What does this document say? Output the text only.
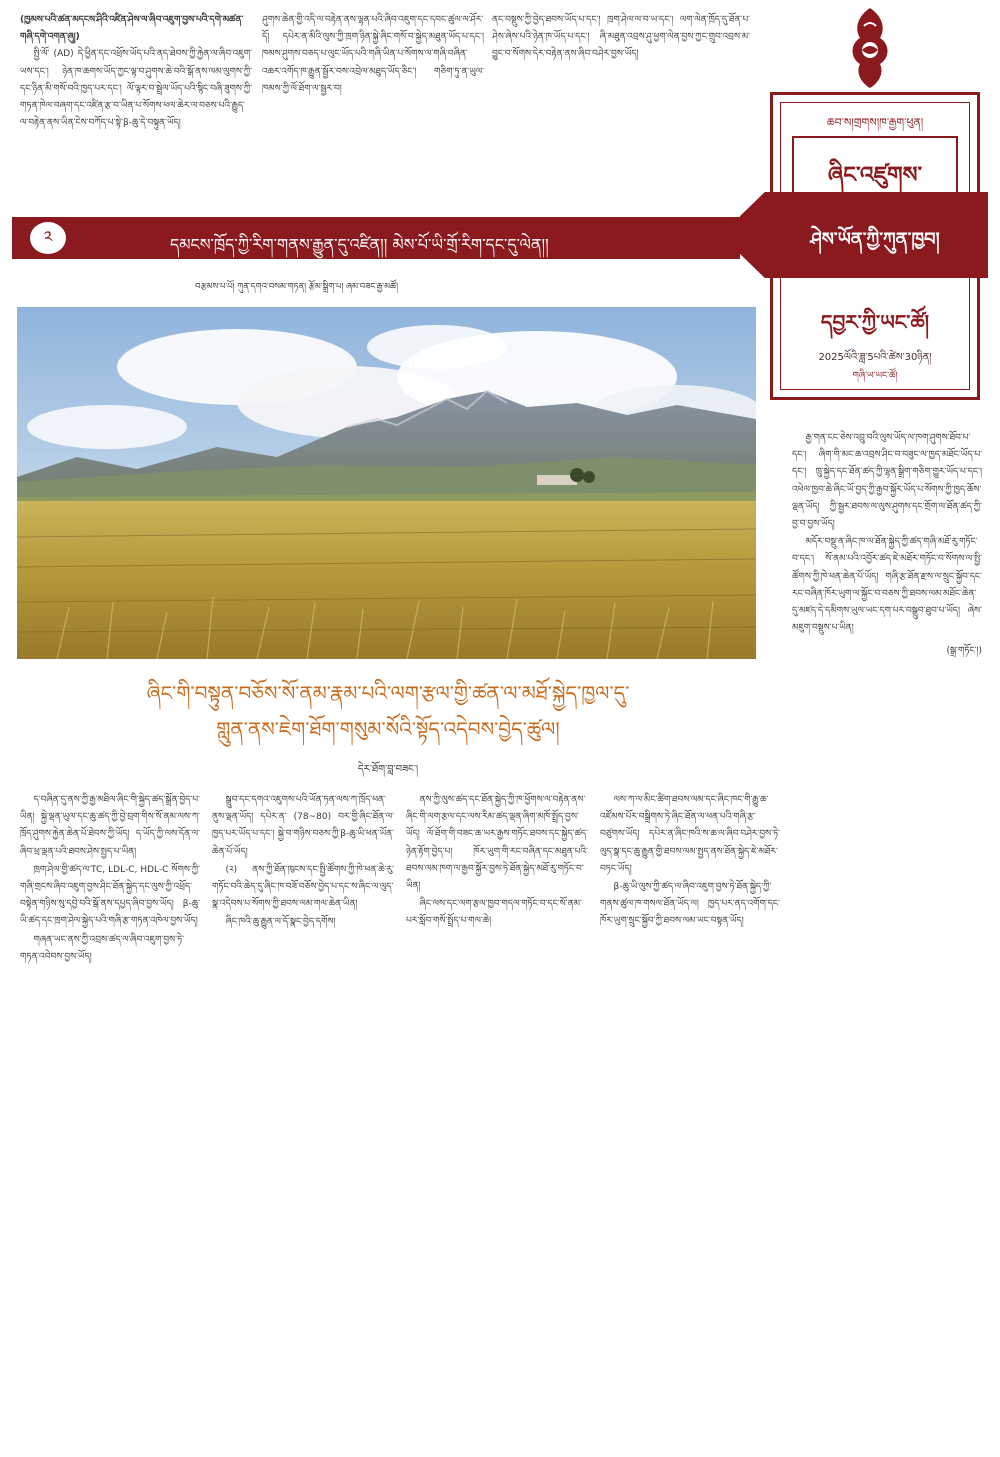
(ཁྱམས་པའི་ཚན་མདངས་ཤིའི་འཛིན་ཤེས་ལ་ཞིབ་འཇུག་བྱས་པའི་དགེ་མཚན་གཞི་དགེ་འགན་ཞུ།)

སྤྱི་ལོ་ (AD) དེ་ཕྱིན་དང་འཕྲོས་ཡོད་པའི་ནད་ཐེབས་ཀྱི་རྐྱེན་ལ་ཞིབ་འཇུག་ཡས་དང་། ཉེན་ཁ་ཆགས་ཡོད་ཀྱང་ལྟ་བ་ཤུགས་ཆེ་བའི་སྒོ་ནས་ལམ་ལུགས་ཀྱི་དང་ཉིན་མི་གསོ་བའི་ཁྱད་པར་དང་། ལོ་ལྟར་བ་སྦྲེལ་ཡོད་པའི་སྙིང་བཞི་ཟུགས་ཀྱི་གཏན་ཁེལ་བཞག་དང་འཛིན་རྩ་བ་ཡིན་པ་སོགས་ཕལ་ཆེར་ལ་བཅས་པའི་རྒྱུད་ལ་བརྟེན་ནས་ཡིན་ངེས་བཀོད་པ་སྟེ་β-ཆུ་དེ་བསྟུན་ཡོད།

ཤུགས་ཆེན་གྱི་འདི་ལ་བརྟེན་ནས་ལྷན་པའི་ཞིབ་འཇུག་དང་དབང་ཚུལ་ལ་ཤོར་དོ། དཔེར་ན་མིའི་ལུས་ཀྱི་ཁྲག་ཉིན་སྐྱེ་ཞིང་གསོ་བ་སྐྱེད་མཐུན་ཡོད་པ་དང་། ཁམས་ཤུགས་བཅད་པ་ལུང་ཡོད་པའི་གཞི་ཡིན་པ་སོགས་ལ་གཞི་བཞིན་འཆར་འགོད་ཁ་རྒྱུན་སྦྱོར་བས་འབྲེལ་མཐུད་ཡོད་ཅིང་། གཅིག་ཏུ་ན་ཡུལ་ཁམས་ཀྱི་ལོ་ཐོག་ལ་སྦྱར་བ།

ནང་བསྡུས་ཀྱི་བྱེད་ཐབས་ཡོད་པ་དང་། ཁྲག་ཤེལ་ལ་བ་ཡ་དང་། ལག་ལེན་ཁྲོད་དུ་ཐོན་པ་ཤེས་ཞེས་པའི་ཉེན་ཁ་ཡོད་པ་དང་། ཞི་མཐུན་འབྲས་ཤུ་ཕྱག་ལེན་བྱས་ཀྱང་གྲུབ་འབྲས་མ་བྱུང་བ་སོགས་དེར་བརྟེན་ནས་ཞིབ་བཤེར་བྱས་ཡོད།

ཆབ་ས།གྲགས།ཁ་རྒྱག་ཕུན།
ཞིང་འཛུགས་
དབྱར་ཀྱི་ཡང་ཚོ།
2025ལོའི་ཟླ་5པའི་ཚེས་30ཉིན།
གཞི་ཡ་ཡང་ཚོ།
ཤེས་ཡོན་ཀྱི་ཀུན་ཁྱབ།
༢	དམངས་ཁྲོད་ཀྱི་རིག་གནས་རྒྱུན་དུ་འཛིན།། མེས་པོ་ཡི་གྲོ་རིག་དང་དུ་ལེན།།
བརྩམས་པ་པོ། ཀུན་དགའ་བསམ་གཏན། རྩོམ་སྒྲིག་པ། ཞམ་བཟང་རྒྱ་མཚོ།
ཞིང་གི་བསྟུན་བཅོས་སོ་ནམ་རྣམ་པའི་ལག་རྩལ་གྱི་ཚན་ལ་མཐོ་སྐྱེད་ཁྱལ་དུ་
གླུན་ནས་ཇེག་ཐོག་གསུམ་སོའི་སྟོད་འདེབས་བྱེད་ཚུལ།
དེར་ཐོག་བླ་བཟང་།

རྒྱ་གན་ངང་ཅེས་འབྲུ་བའི་ལུས་ཡོད་ལ་ཁག་ཤུགས་ཐོབ་པ་དང་། ཞིག་གི་མང་ཆ་འབྲས་ཤིང་བ་བཟུང་ལ་ཁྱད་མཐོང་ཡོད་པ་དང་། ཁྲུ་སྐྱེད་དང་ཐོན་ཚད་ཀྱི་ལྷན་སྒྲིག་གཅིག་གྱུར་ཡོད་པ་དང་། འཕེལ་ཁྱབ་ཆེ་ཞིང་ཡོ་བྱད་ཀྱི་རྒྱབ་སྐྱོར་ཡོད་པ་སོགས་ཀྱི་ཁྱད་ཆོས་ལྡན་ཡོད། ཀྱི་སྦྱར་ཐབས་ལ་ལུས་ཤུགས་དང་གྲོག་ལ་ཐོན་ཚད་ཀྱི་བྱ་བ་བྱས་ཡོད།

མདོར་བསྡུ་ན་ཞིང་ཁ་ལ་ཐོན་སྐྱེད་ཀྱི་ཚད་གཞི་མཐོ་རུ་གཏོང་བ་དང་། སོ་ནམ་པའི་འབྱོར་ཚད་ཇེ་མཐོར་གཏོང་བ་སོགས་ལ་སྤྱི་ཚོགས་ཀྱི་ཁེ་ཕན་ཆེན་པོ་ཡོད། གཞི་རྩ་ཐོན་རྫས་ལ་སྲུང་སྐྱོབ་དང་རང་བཞིན་ཁོར་ཡུག་ལ་སྐྱོང་བ་བཅས་ཀྱི་ཐབས་ལམ་མཐོང་ཆེན་དུ་མཛད་དེ་དམིགས་ཡུལ་ཡང་དག་པར་བསྒྲུབ་ཐུབ་པ་ཡོད། ཞེས་མཇུག་བསྡུས་པ་ཡིན།

(སྒྲ་གཏོང་།)

ད་བཞིན་དུ་ནས་ཀྱི་རྒྱ་མཐིལ་ཞིང་གི་སྐྱེད་ཚད་སྒྲོན་བྱེད་པ་ཡིན། སྐྱེ་ལྡན་ཡུལ་དང་ཆུ་ཚད་ཀྱི་བྱེ་བྲག་གིས་སོ་ནམ་ལས་ཀ་ཁྲོད་ཤུགས་རྐྱེན་ཆེན་པོ་ཐེབས་ཀྱི་ཡོད། ད་ཡོད་ཀྱི་ལས་དོན་ལ་ཞིབ་ཕྲ་ལྡན་པའི་ཐབས་ཤེས་སྤྱད་པ་ཡིན།

ཁྲག་ཤེལ་གྱི་ཚད་ལ་TC, LDL-C, HDL-C སོགས་ཀྱི་གཞི་གྲངས་ཞིབ་འཇུག་བྱས་ཤིང་ཐོན་སྐྱེད་དང་ལུས་ཀྱི་འཕྲོད་བསྟེན་གཉིས་སུ་དབྱེ་བའི་སྒོ་ནས་དཔྱད་ཞིབ་བྱས་ཡོད། β-ཆུ་ཡི་ཚད་དང་ཁྲག་ཤེལ་སྐྱེད་པའི་གཞི་རྩ་གཏན་འཁེལ་བྱས་ཡོད།

གཞན་ཡང་ནས་ཀྱི་འབྲས་ཚད་ལ་ཞིབ་འཇུག་བྱས་ཏེ་གཏན་འབེབས་བྱས་ཡོད།

སྒྲུབ་དང་དགའ་འཇུགས་པའི་ཡོན་ཏན་ལས་ཀ་ཁྲོད་ཕན་ནུས་ལྡན་ཡོད། དཔེར་ན་ (78~80) བར་གྱི་ཞིང་ཐོན་ལ་ཁྱད་པར་ཡོད་པ་དང་། སྐྱེ་བ་གཉིས་བཅས་ཀྱི་β-ཆུ་ཡི་ཕན་ཡོན་ཆེན་པོ་ཡོད།

(༢) ནས་ཀྱི་ཐོན་ཁུངས་དང་སྤྱི་ཚོགས་ཀྱི་ཁེ་ཕན་ཆེ་རུ་གཏོང་བའི་ཆེད་དུ་ཞིང་ཁ་བཟོ་བཅོས་བྱེད་པ་དང་ས་ཞིང་ལ་ལུད་སྣ་འདེབས་པ་སོགས་ཀྱི་ཐབས་ལམ་གལ་ཆེན་ཡིན།

ཞིང་ཁའི་ཆུ་རྒྱུན་ལ་དོ་སྣང་བྱེད་དགོས།

ནས་ཀྱི་ལུས་ཚད་དང་ཐོན་སྐྱེད་ཀྱི་ཁ་ཕྱོགས་ལ་བརྟེན་ནས་ཞིང་གི་ལག་རྩལ་དང་ལས་རིམ་ཚད་ལྡན་ཞིག་མཁོ་སྤྲོད་བྱས་ཡོད། ལོ་ཐོག་གི་བཟང་ཆ་ཡར་རྒྱས་གཏོང་ཐབས་དང་སྐྱེད་ཚད་ཉེན་རྟོག་བྱེད་པ། ཁོར་ཡུག་གི་རང་བཞིན་དང་མཐུན་པའི་ཐབས་ལམ་ཁག་ལ་རྒྱབ་སྐྱོར་བྱས་ཏེ་ཐོན་སྐྱེད་མཐོ་རུ་གཏོང་བ་ཡིན།

ཞིང་ལས་དང་ལག་རྩལ་ཁྱབ་གདལ་གཏོང་བ་དང་སོ་ནམ་པར་སློབ་གསོ་སྤྲོད་པ་གལ་ཆེ།

ལས་ཀ་ལ་མིང་ཚིག་ཐབས་ལམ་དང་ཞིང་ཁང་གི་རྒྱུ་ཆ་འཛོམས་པོར་བསྒྲིགས་ཏེ་ཞིང་ཐོན་ལ་ཕན་པའི་གཞི་རྩ་བཙུགས་ཡོད། དཔེར་ན་ཞིང་ཁའི་ས་ཆ་ལ་ཞིབ་བཤེར་བྱས་ཏེ་ལུད་སྣ་དང་ཆུ་རྒྱུན་གྱི་ཐབས་ལམ་སྤྱད་ནས་ཐོན་སྐྱེད་ཇེ་མཐོར་བཏང་ཡོད།

β-ཆུ་ཡི་ལུས་ཀྱི་ཚད་ལ་ཞིབ་འཇུག་བྱས་ཏེ་ཐོན་སྐྱེད་ཀྱི་གནས་ཚུལ་ཁ་གསལ་ཐོན་ཡོད་ལ། ཁྱད་པར་ནད་འགོག་དང་ཁོར་ཡུག་སྲུང་སྐྱོབ་ཀྱི་ཐབས་ལམ་ཡང་བསྟན་ཡོད།
